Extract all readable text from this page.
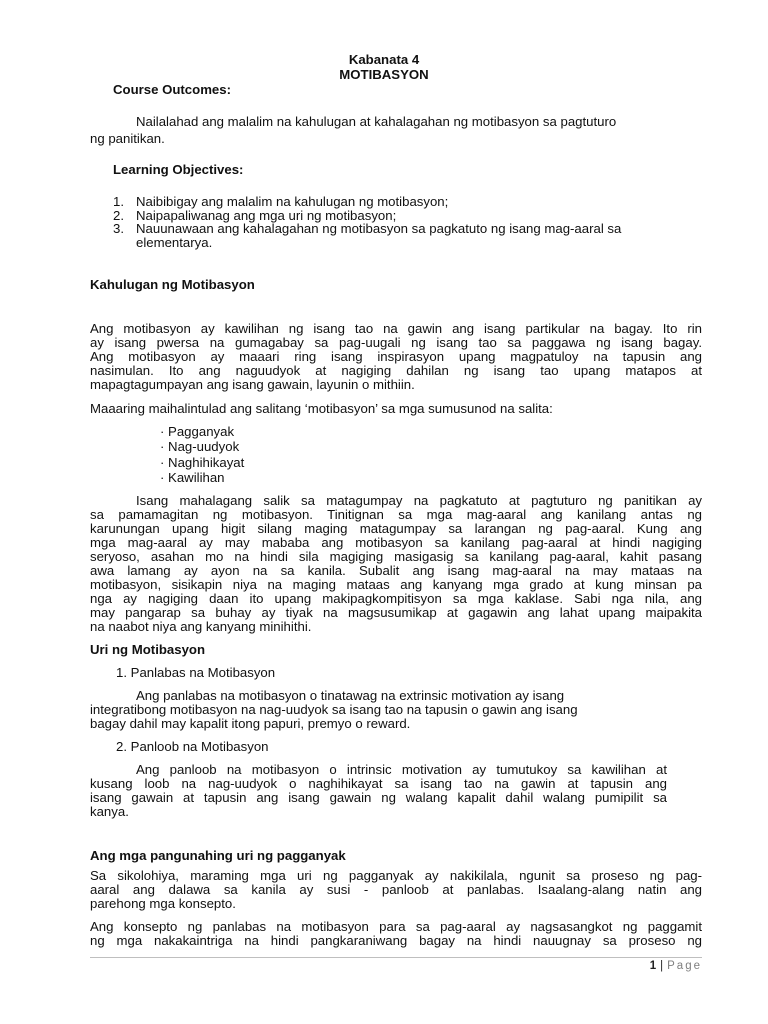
Kabanata 4
MOTIBASYON
Course Outcomes:
Nailalahad ang malalim na kahulugan at kahalagahan ng motibasyon sa pagtuturo
ng panitikan.
Learning Objectives:
1. Naibibigay ang malalim na kahulugan ng motibasyon;
2. Naipapaliwanag ang mga uri ng motibasyon;
3. Nauunawaan ang kahalagahan ng motibasyon sa pagkatuto ng isang mag-aaral sa
elementarya.
Kahulugan ng Motibasyon
Ang motibasyon ay kawilihan ng isang tao na gawin ang isang partikular na bagay. Ito rin
ay isang pwersa na gumagabay sa pag-uugali ng isang tao sa paggawa ng isang bagay.
Ang motibasyon ay maaari ring isang inspirasyon upang magpatuloy na tapusin ang
nasimulan. Ito ang naguudyok at nagiging dahilan ng isang tao upang matapos at
mapagtagumpayan ang isang gawain, layunin o mithiin.
Maaaring maihalintulad ang salitang ‘motibasyon’ sa mga sumusunod na salita:
· Pagganyak
· Nag-uudyok
· Naghihikayat
· Kawilihan
Isang mahalagang salik sa matagumpay na pagkatuto at pagtuturo ng panitikan ay
sa pamamagitan ng motibasyon. Tinitignan sa mga mag-aaral ang kanilang antas ng
karunungan upang higit silang maging matagumpay sa larangan ng pag-aaral. Kung ang
mga mag-aaral ay may mababa ang motibasyon sa kanilang pag-aaral at hindi nagiging
seryoso, asahan mo na hindi sila magiging masigasig sa kanilang pag-aaral, kahit pasang
awa lamang ay ayon na sa kanila. Subalit ang isang mag-aaral na may mataas na
motibasyon, sisikapin niya na maging mataas ang kanyang mga grado at kung minsan pa
nga ay nagiging daan ito upang makipagkompitisyon sa mga kaklase. Sabi nga nila, ang
may pangarap sa buhay ay tiyak na magsusumikap at gagawin ang lahat upang maipakita
na naabot niya ang kanyang minihithi.
Uri ng Motibasyon
1. Panlabas na Motibasyon
Ang panlabas na motibasyon o tinatawag na extrinsic motivation ay isang
integratibong motibasyon na nag-uudyok sa isang tao na tapusin o gawin ang isang
bagay dahil may kapalit itong papuri, premyo o reward.
2. Panloob na Motibasyon
Ang panloob na motibasyon o intrinsic motivation ay tumutukoy sa kawilihan at
kusang loob na nag-uudyok o naghihikayat sa isang tao na gawin at tapusin ang
isang gawain at tapusin ang isang gawain ng walang kapalit dahil walang pumipilit sa
kanya.
Ang mga pangunahing uri ng pagganyak
Sa sikolohiya, maraming mga uri ng pagganyak ay nakikilala, ngunit sa proseso ng pag-
aaral ang dalawa sa kanila ay susi - panloob at panlabas. Isaalang-alang natin ang
parehong mga konsepto.
Ang konsepto ng panlabas na motibasyon para sa pag-aaral ay nagsasangkot ng paggamit
ng mga nakakaintriga na hindi pangkaraniwang bagay na hindi nauugnay sa proseso ng
1 | Page
